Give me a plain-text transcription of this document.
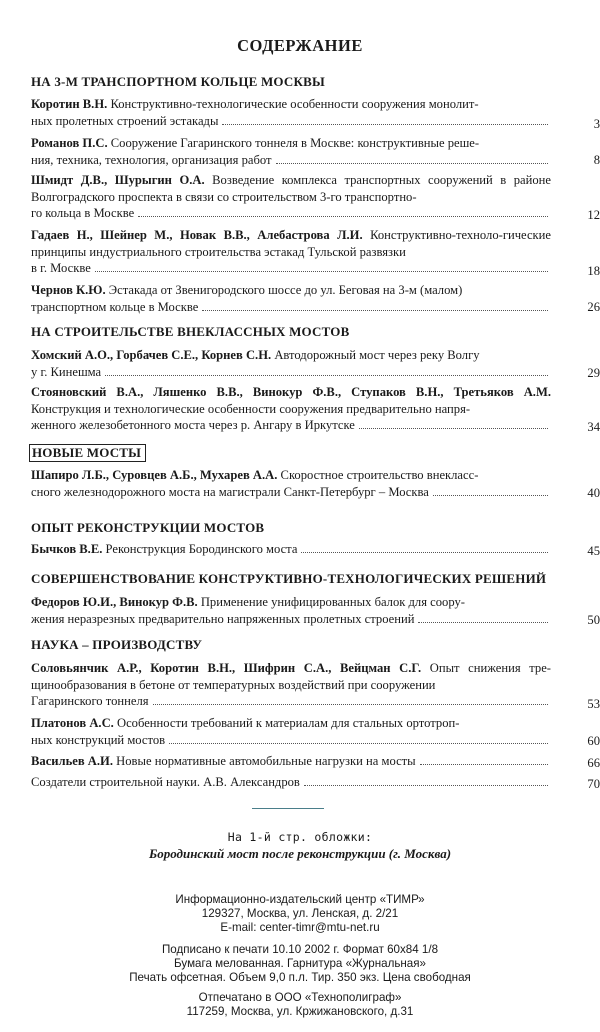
СОДЕРЖАНИЕ
НА 3-М ТРАНСПОРТНОМ КОЛЬЦЕ МОСКВЫ

Коротин В.Н. Конструктивно-технологические особенности сооружения монолит-

ных пролетных строений эстакады	3

Романов П.С. Сооружение Гагаринского тоннеля в Москве: конструктивные реше-

ния, техника, технология, организация работ	8

Шмидт Д.В., Шурыгин О.А. Возведение комплекса транспортных сооружений в районе Волгоградского проспекта в связи со строительством 3-го транспортно-

го кольца в Москве	12

Гадаев Н., Шейнер М., Новак В.В., Алебастрова Л.И. Конструктивно-техноло-гические принципы индустриального строительства эстакад Тульской развязки

в г. Москве	18

Чернов К.Ю. Эстакада от Звенигородского шоссе до ул. Беговая на 3-м (малом)

транспортном кольце в Москве	26
НА СТРОИТЕЛЬСТВЕ ВНЕКЛАССНЫХ МОСТОВ

Хомский А.О., Горбачев С.Е., Корнев С.Н. Автодорожный мост через реку Волгу

у г. Кинешма	29

Стояновский В.А., Ляшенко В.В., Винокур Ф.В., Ступаков В.Н., Третьяков А.М. Конструкция и технологические особенности сооружения предварительно напря-

женного железобетонного моста через р. Ангару в Иркутске	34
НОВЫЕ МОСТЫ

Шапиро Л.Б., Суровцев А.Б., Мухарев А.А. Скоростное строительство внекласс-

сного железнодорожного моста на магистрали Санкт-Петербург – Москва	40
ОПЫТ РЕКОНСТРУКЦИИ МОСТОВ
Бычков В.Е. Реконструкция Бородинского моста	45
СОВЕРШЕНСТВОВАНИЕ КОНСТРУКТИВНО-ТЕХНОЛОГИЧЕСКИХ РЕШЕНИЙ

Федоров Ю.И., Винокур Ф.В. Применение унифицированных балок для соору-

жения неразрезных предварительно напряженных пролетных строений	50
НАУКА – ПРОИЗВОДСТВУ

Соловьянчик А.Р., Коротин В.Н., Шифрин С.А., Вейцман С.Г. Опыт снижения тре-щинообразования в бетоне от температурных воздействий при сооружении

Гагаринского тоннеля	53

Платонов А.С. Особенности требований к материалам для стальных ортотроп-

ных конструкций мостов	60
Васильев А.И. Новые нормативные автомобильные нагрузки на мосты	66
Создатели строительной науки. А.В. Александров	70
На 1-й стр. обложки:
Бородинский мост после реконструкции (г. Москва)
Информационно-издательский центр «ТИМР»
129327, Москва, ул. Ленская, д. 2/21
E-mail: center-timr@mtu-net.ru
Подписано к печати 10.10 2002 г. Формат 60x84 1/8
Бумага мелованная. Гарнитура «Журнальная»
Печать офсетная. Объем 9,0 п.л. Тир. 350 экз. Цена свободная
Отпечатано в ООО «Технополиграф»
117259, Москва, ул. Кржижановского, д.31
